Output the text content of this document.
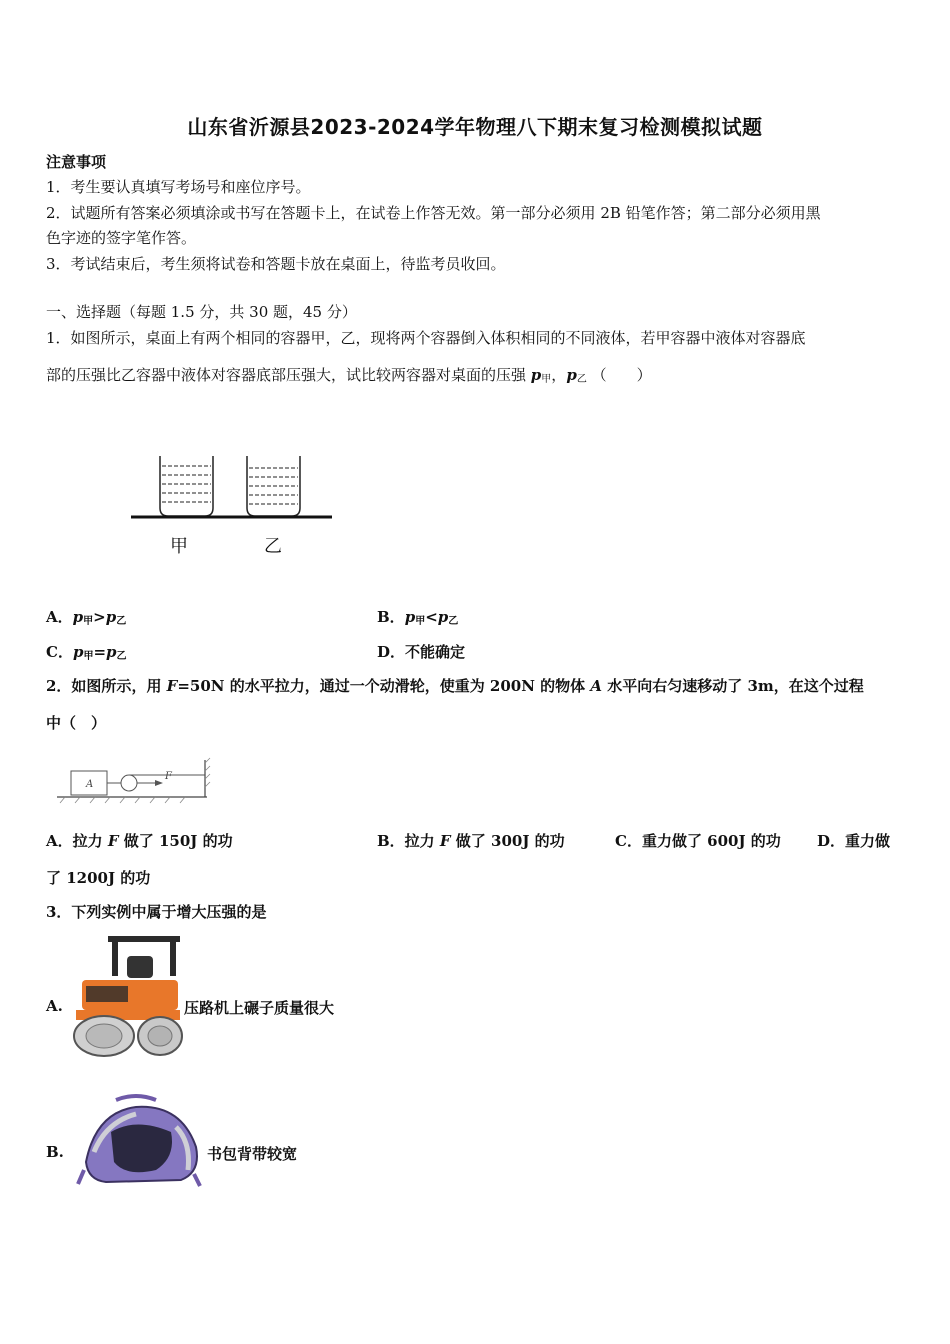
山东省沂源县2023-2024学年物理八下期末复习检测模拟试题
注意事项
1．考生要认真填写考场号和座位序号。
2．试题所有答案必须填涂或书写在答题卡上，在试卷上作答无效。第一部分必须用 2B 铅笔作答；第二部分必须用黑
色字迹的签字笔作答。
3．考试结束后，考生须将试卷和答题卡放在桌面上，待监考员收回。
一、选择题（每题 1.5 分，共 30 题，45 分）
1．如图所示，桌面上有两个相同的容器甲，乙，现将两个容器倒入体积相同的不同液体，若甲容器中液体对容器底
部的压强比乙容器中液体对容器底部压强大，试比较两容器对桌面的压强 $p_甲$，$p_乙$ （　　）
甲	乙
A．$p_甲>p_乙$	B．$p_甲<p_乙$
C．$p_甲=p_乙$	D．不能确定
2．如图所示，用 F=50N 的水平拉力，通过一个动滑轮，使重为 200N 的物体 A 水平向右匀速移动了 3m，在这个过程
中（　）
A
F
A．拉力 F 做了 150J 的功	B．拉力 F 做了 300J 的功	C．重力做了 600J 的功 D．重力做
了 1200J 的功
3．下列实例中属于增大压强的是
A.	压路机上碾子质量很大
B.	书包背带较宽
